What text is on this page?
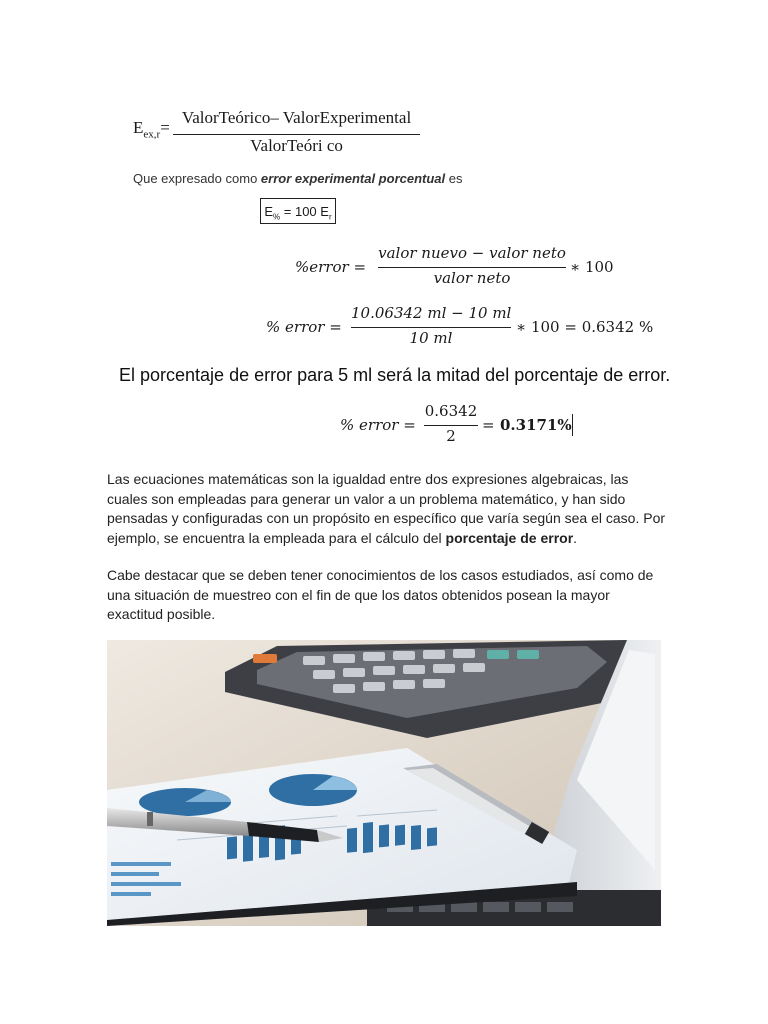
$E_{ex,r}=$
ValorTeórico– ValorExperimental
ValorTeóri co
Que expresado como error experimental porcentual es
$E_{\%} = 100$ $E_r$
%error =
valor nuevo − valor neto
valor neto
∗ 100
% error =
10.06342 ml − 10 ml
10 ml
∗ 100 = 0.6342 %
El porcentaje de error para 5 ml será la mitad del porcentaje de error.
% error =
0.6342
2
= 0.3171%
Las ecuaciones matemáticas son la igualdad entre dos expresiones algebraicas, las cuales son empleadas para generar un valor a un problema matemático, y han sido pensadas y configuradas con un propósito en específico que varía según sea el caso. Por ejemplo, se encuentra la empleada para el cálculo del porcentaje de error.
Cabe destacar que se deben tener conocimientos de los casos estudiados, así como de una situación de muestreo con el fin de que los datos obtenidos posean la mayor exactitud posible.
